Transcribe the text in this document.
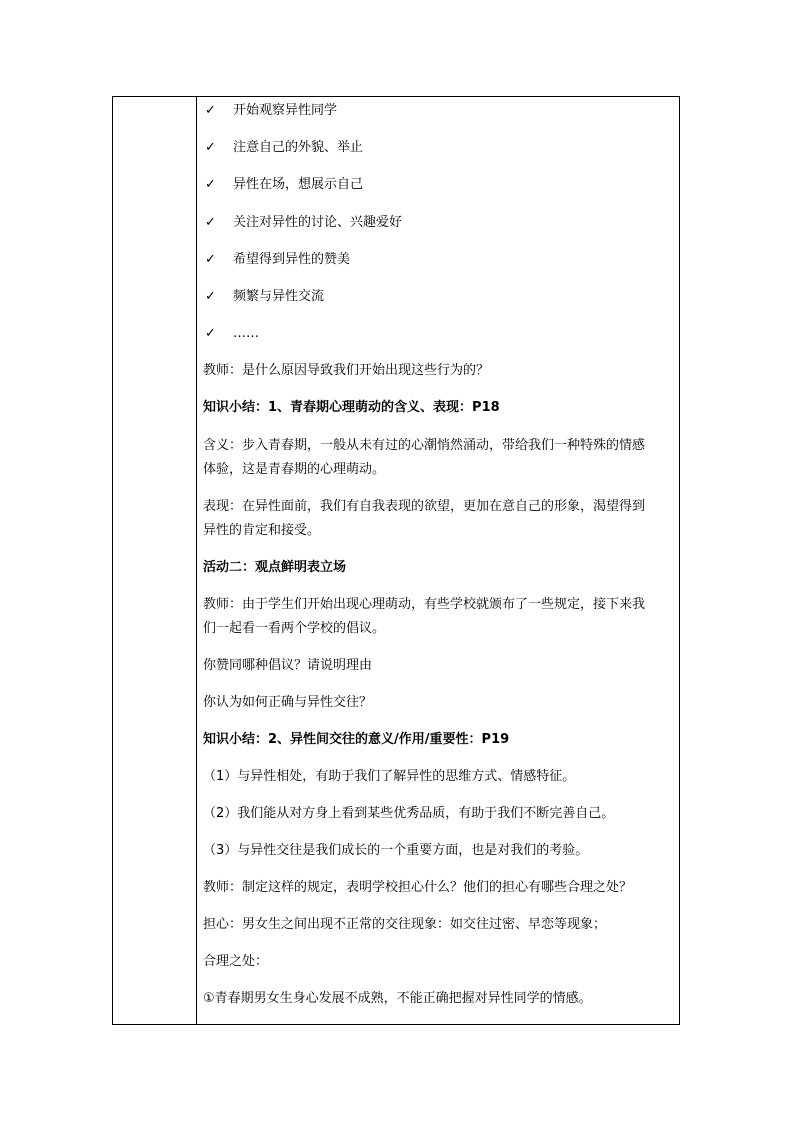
✓ 开始观察异性同学
✓ 注意自己的外貌、举止
✓ 异性在场，想展示自己
✓ 关注对异性的讨论、兴趣爱好
✓ 希望得到异性的赞美
✓ 频繁与异性交流
✓ ……
教师：是什么原因导致我们开始出现这些行为的？
知识小结：1、青春期心理萌动的含义、表现：P18
含义：步入青春期，一般从未有过的心潮悄然涌动，带给我们一种特殊的情感
体验，这是青春期的心理萌动。
表现：在异性面前，我们有自我表现的欲望，更加在意自己的形象，渴望得到
异性的肯定和接受。
活动二：观点鲜明表立场
教师：由于学生们开始出现心理萌动，有些学校就颁布了一些规定，接下来我
们一起看一看两个学校的倡议。
你赞同哪种倡议？请说明理由
你认为如何正确与异性交往？
知识小结：2、异性间交往的意义/作用/重要性：P19
（1）与异性相处，有助于我们了解异性的思维方式、情感特征。
（2）我们能从对方身上看到某些优秀品质，有助于我们不断完善自己。
（3）与异性交往是我们成长的一个重要方面，也是对我们的考验。
教师：制定这样的规定，表明学校担心什么？他们的担心有哪些合理之处？
担心：男女生之间出现不正常的交往现象：如交往过密、早恋等现象；
合理之处：
①青春期男女生身心发展不成熟，不能正确把握对异性同学的情感。
